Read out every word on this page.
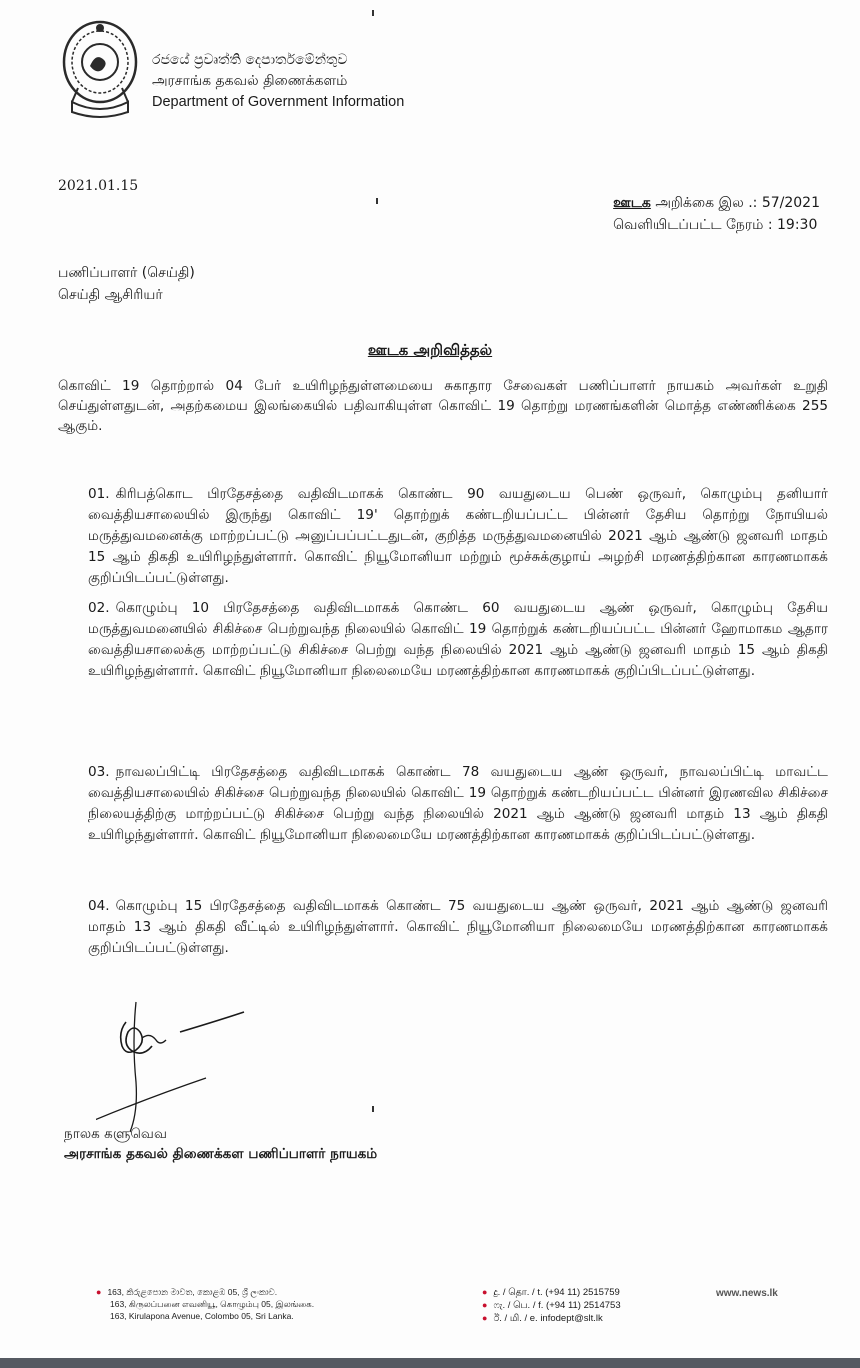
රජයේ ප්‍රවෘත්ති දෙපාර්තමේන්තුව
அரசாங்க தகவல் திணைக்களம்
Department of Government Information
2021.01.15
ஊடக அறிக்கை இல .: 57/2021
வெளியிடப்பட்ட நேரம் : 19:30
பணிப்பாளர் (செய்தி)
செய்தி ஆசிரியர்
ஊடக அறிவித்தல்
கொவிட் 19 தொற்றால் 04 பேர் உயிரிழந்துள்ளமையை சுகாதார சேவைகள் பணிப்பாளர் நாயகம் அவர்கள் உறுதி செய்துள்ளதுடன், அதற்கமைய இலங்கையில் பதிவாகியுள்ள கொவிட் 19 தொற்று மரணங்களின் மொத்த எண்ணிக்கை 255 ஆகும்.
01. கிரிபத்கொட பிரதேசத்தை வதிவிடமாகக் கொண்ட 90 வயதுடைய பெண் ஒருவர், கொழும்பு தனியார் வைத்தியசாலையில் இருந்து கொவிட் 19' தொற்றுக் கண்டறியப்பட்ட பின்னர் தேசிய தொற்று நோயியல் மருத்துவமனைக்கு மாற்றப்பட்டு அனுப்பப்பட்டதுடன், குறித்த மருத்துவமனையில் 2021 ஆம் ஆண்டு ஜனவரி மாதம் 15 ஆம் திகதி உயிரிழந்துள்ளார். கொவிட் நியூமோனியா மற்றும் மூச்சுக்குழாய் அழற்சி மரணத்திற்கான காரணமாகக் குறிப்பிடப்பட்டுள்ளது.
02. கொழும்பு 10 பிரதேசத்தை வதிவிடமாகக் கொண்ட 60 வயதுடைய ஆண் ஒருவர், கொழும்பு தேசிய மருத்துவமனையில் சிகிச்சை பெற்றுவந்த நிலையில் கொவிட் 19 தொற்றுக் கண்டறியப்பட்ட பின்னர் ஹோமாகம ஆதார வைத்தியசாலைக்கு மாற்றப்பட்டு சிகிச்சை பெற்று வந்த நிலையில் 2021 ஆம் ஆண்டு ஜனவரி மாதம் 15 ஆம் திகதி உயிரிழந்துள்ளார். கொவிட் நியூமோனியா நிலைமையே மரணத்திற்கான காரணமாகக் குறிப்பிடப்பட்டுள்ளது.
03. நாவலப்பிட்டி பிரதேசத்தை வதிவிடமாகக் கொண்ட 78 வயதுடைய ஆண் ஒருவர், நாவலப்பிட்டி மாவட்ட வைத்தியசாலையில் சிகிச்சை பெற்றுவந்த நிலையில் கொவிட் 19 தொற்றுக் கண்டறியப்பட்ட பின்னர் இரணவில சிகிச்சை நிலையத்திற்கு மாற்றப்பட்டு சிகிச்சை பெற்று வந்த நிலையில் 2021 ஆம் ஆண்டு ஜனவரி மாதம் 13 ஆம் திகதி உயிரிழந்துள்ளார். கொவிட் நியூமோனியா நிலைமையே மரணத்திற்கான காரணமாகக் குறிப்பிடப்பட்டுள்ளது.
04. கொழும்பு 15 பிரதேசத்தை வதிவிடமாகக் கொண்ட 75 வயதுடைய ஆண் ஒருவர், 2021 ஆம் ஆண்டு ஜனவரி மாதம் 13 ஆம் திகதி வீட்டில் உயிரிழந்துள்ளார். கொவிட் நியூமோனியா நிலைமையே மரணத்திற்கான காரணமாகக் குறிப்பிடப்பட்டுள்ளது.
நாலக களுவெவ
அரசாங்க தகவல் திணைக்கள பணிப்பாளர் நாயகம்
● 163, කිරුළපොන මාවත, කොළඹ 05, ශ්‍රී ලංකාව.
163, கிருலப்பனை எவனியூ, கொழும்பு 05, இலங்கை.
163, Kirulapona Avenue, Colombo 05, Sri Lanka.
● දු. / தொ. / t. (+94 11) 2515759
● ෆැ. / பெ. / f. (+94 11) 2514753
● ඊ. / மி. / e. infodept@slt.lk
www.news.lk
